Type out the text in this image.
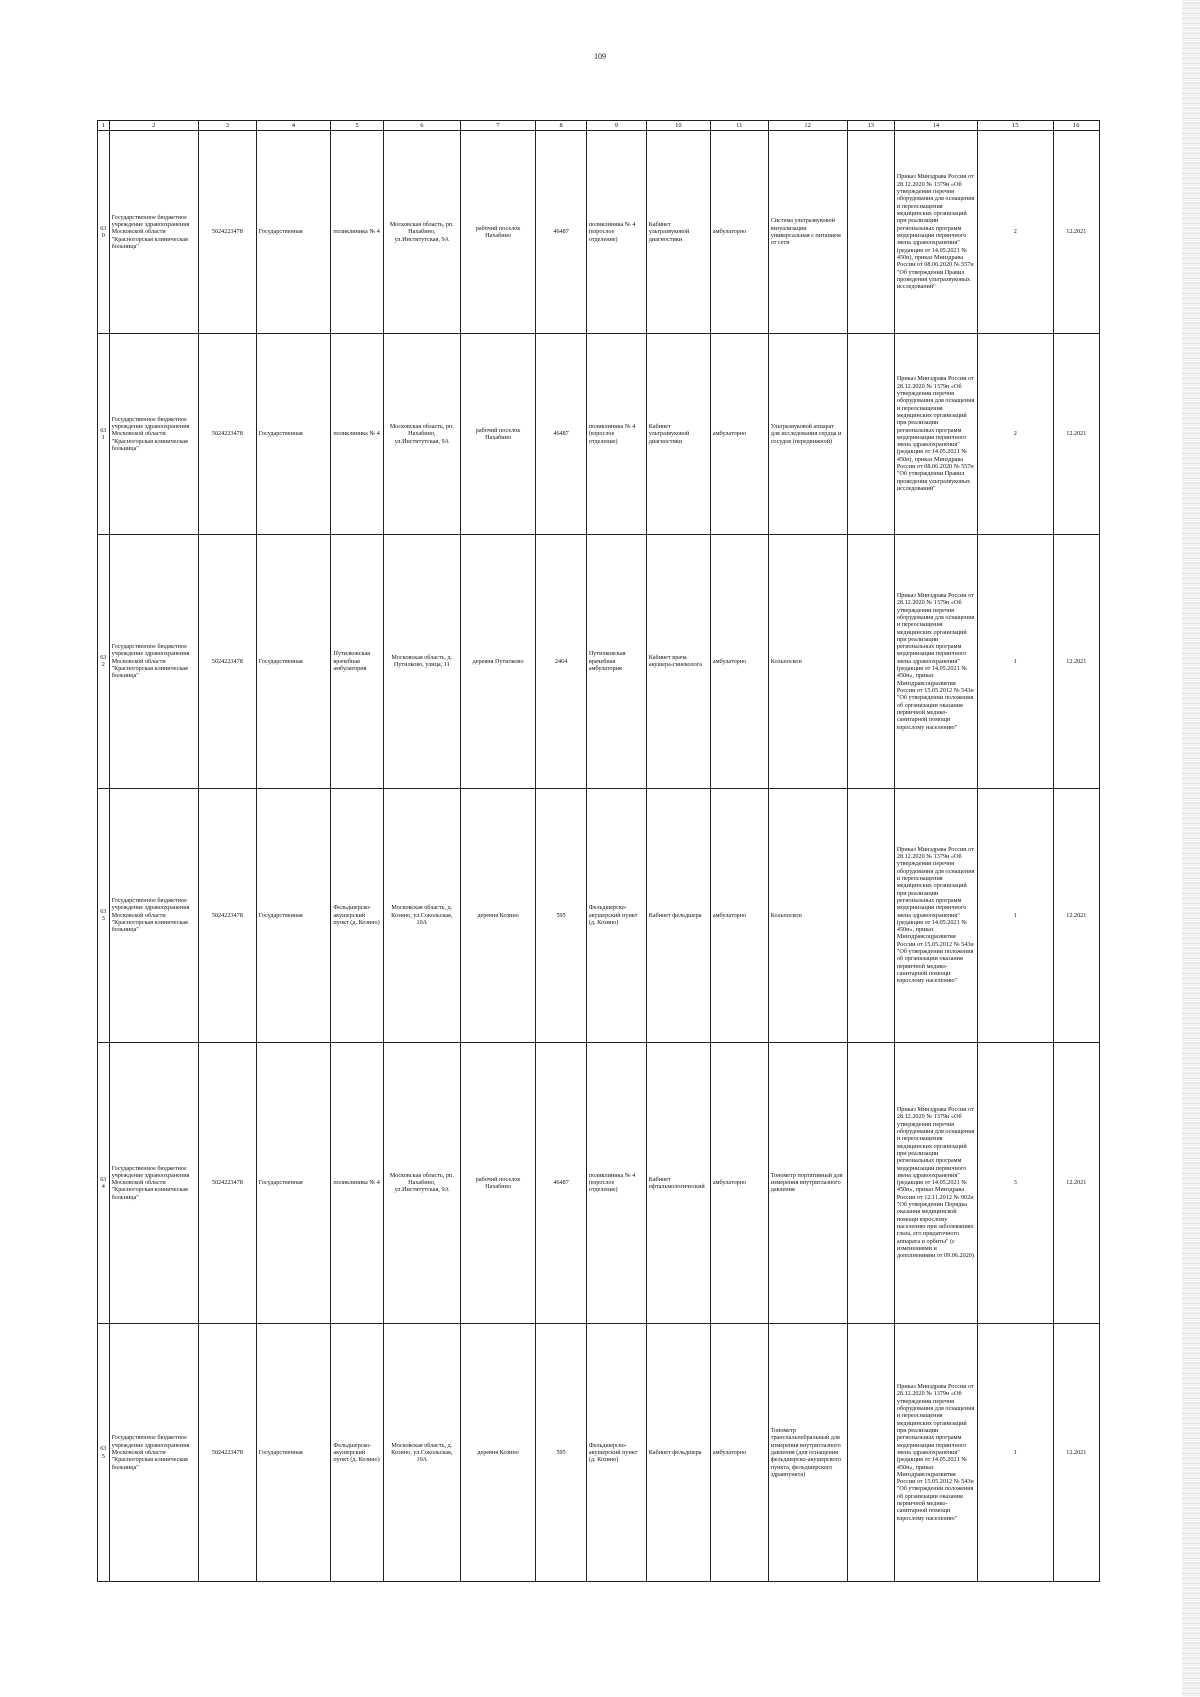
109
1	2	3	4	5	6	7	8	9	10	11	12	13	14	15	16
630	Государственное бюджетное учреждение здравоохранения Московской области "Красногорская клиническая больница"	5024223478	Государственная	поликлиника № 4	Московская область, рп. Нахабино, ул.Институтская, 9А	рабочий поселок Нахабино	46487	поликлиника № 4 (взрослое отделение)	Кабинет ультразвуковой диагностики	амбулаторно	Система ультразвуковой визуализации универсальная с питанием от сети		Приказ Минздрава России от 28.12.2020 № 1379н «Об утверждении перечня оборудования для оснащения и переоснащения медицинских организаций при реализации региональных программ модернизации первичного звена здравоохранения"(редакция от 14.05.2021 № 450н), приказ Минздрава России от 08.06.2020 № 557н "Об утверждении Правил проведения ультразвуковых исследований"	2	12.2021
631	Государственное бюджетное учреждение здравоохранения Московской области "Красногорская клиническая больница"	5024223478	Государственная	поликлиника № 4	Московская область, рп. Нахабино, ул.Институтская, 9А	рабочий поселок Нахабино	46487	поликлиника № 4 (взрослое отделение)	Кабинет ультразвуковой диагностики	амбулаторно	Ультразвуковой аппарат для исследования сердца и сосудов (передвижной)		Приказ Минздрава России от 28.12.2020 № 1379н «Об утверждении перечня оборудования для оснащения и переоснащения медицинских организаций при реализации региональных программ модернизации первичного звена здравоохранения"(редакция от 14.05.2021 № 450н), приказ Минздрава России от 08.06.2020 № 557н "Об утверждении Правил проведения ультразвуковых исследований"	2	12.2021
632	Государственное бюджетное учреждение здравоохранения Московской области "Красногорская клиническая больница"	5024223478	Государственная	Путилковская врачебная амбулатория	Московская область, д. Путилково, улица, 11	деревня Путилково	2464	Путилковская врачебная амбулатория	Кабинет врача акушера-гинеколога	амбулаторно	Кольпоскоп		Приказ Минздрава России от 28.12.2020 № 1379н «Об утверждении перечня оборудования для оснащения и переоснащения медицинских организаций при реализации региональных программ модернизации первичного звена здравоохранения"(редакция от 14.05.2021 № 450н», приказ Минздравсоцразвития России от 15.05.2012 № 543н "Об утверждении положения об организации оказания первичной медико-санитарной помощи взрослому населению"	1	12.2021
633	Государственное бюджетное учреждение здравоохранения Московской области "Красногорская клиническая больница"	5024223478	Государственная	Фельдшерско-акушерский пункт (д. Козино)	Московская область, д. Козино, ул.Сокольская, 10А	деревня Козино	595	Фельдшерско-акушерский пункт (д. Козино)	Кабинет фельдшера	амбулаторно	Кольпоскоп		Приказ Минздрава России от 28.12.2020 № 1379н «Об утверждении перечня оборудования для оснащения и переоснащения медицинских организаций при реализации региональных программ модернизации первичного звена здравоохранения"(редакция от 14.05.2021 № 450н», приказ Минздравсоцразвития России от 15.05.2012 № 543н "Об утверждении положения об организации оказания первичной медико-санитарной помощи взрослому населению"	1	12.2021
634	Государственное бюджетное учреждение здравоохранения Московской области "Красногорская клиническая больница"	5024223478	Государственная	поликлиника № 4	Московская область, рп. Нахабино, ул.Институтская, 9А	рабочий поселок Нахабино	46487	поликлиника № 4 (взрослое отделение)	Кабинет офтальмологический	амбулаторно	Тонометр портативный для измерения внутриглазного давления		Приказ Минздрава России от 28.12.2020 № 1379н «Об утверждении перечня оборудования для оснащения и переоснащения медицинских организаций при реализации региональных программ модернизации первичного звена здравоохранения"(редакция от 14.05.2021 № 450н», приказ Минздрава России от 12.11.2012 № 902н "Об утверждении Порядка оказания медицинской помощи взрослому населению при заболеваниях глаза, его придаточного аппарата и орбиты" (с изменениями и дополнениями от 09.06.2020)	3	12.2021
635	Государственное бюджетное учреждение здравоохранения Московской области "Красногорская клиническая больница"	5024223478	Государственная	Фельдшерско-акушерский пункт (д. Козино)	Московская область, д. Козино, ул.Сокольская, 10А	деревня Козино	595	Фельдшерско-акушерский пункт (д. Козино)	Кабинет фельдшера	амбулаторно	Тонометр транспальпебральный для измерения внутриглазного давления (для оснащения фельдшерско-акушерского пункта, фельдшерского здравпункта)		Приказ Минздрава России от 28.12.2020 № 1379н «Об утверждении перечня оборудования для оснащения и переоснащения медицинских организаций при реализации региональных программ модернизации первичного звена здравоохранения"(редакция от 14.05.2021 № 450н», приказ Минздравсоцразвития России от 15.05.2012 № 543н "Об утверждении положения об организации оказания первичной медико-санитарной помощи взрослому населению"	1	12.2021
